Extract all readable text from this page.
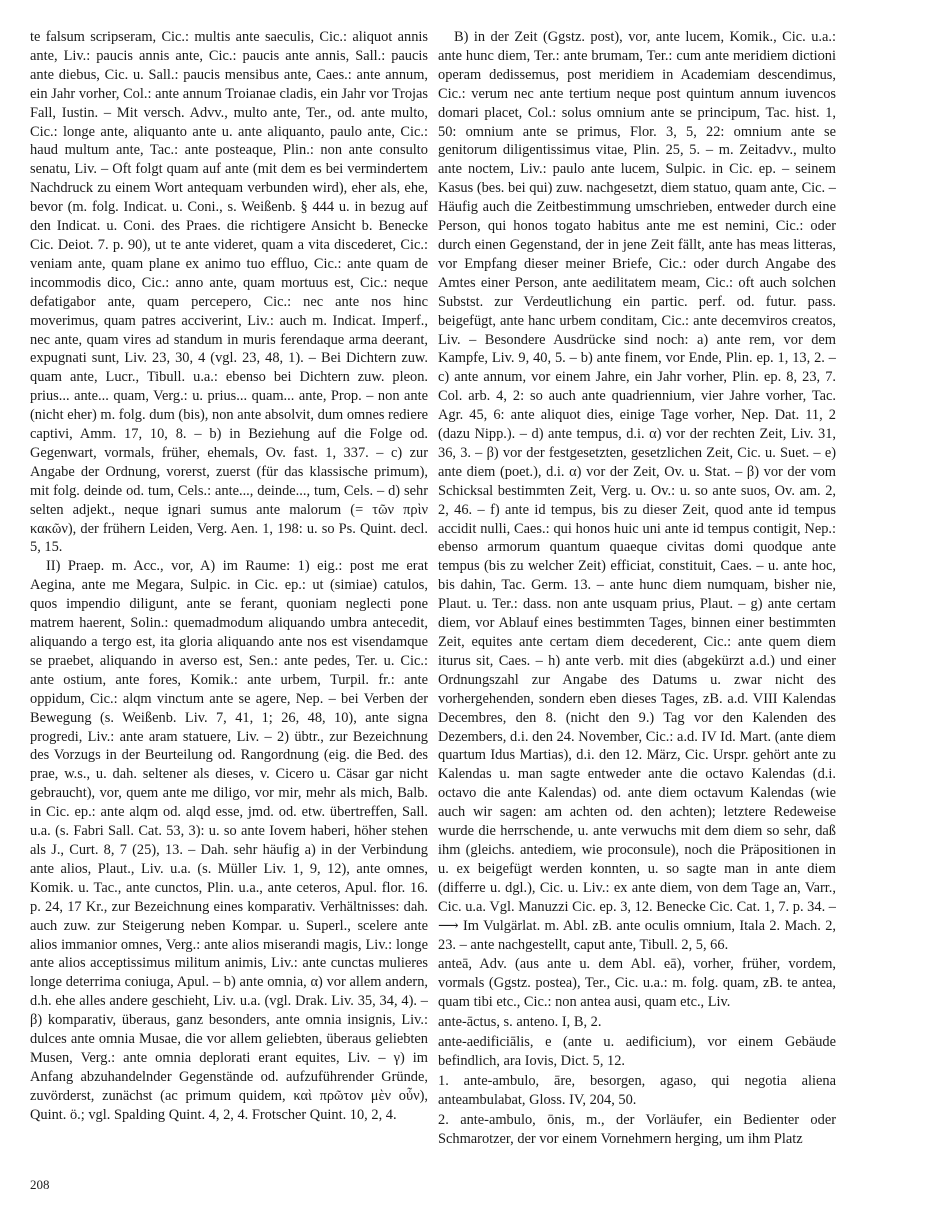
te falsum scripseram, Cic.: multis ante saeculis, Cic.: aliquot annis ante, Liv.: paucis annis ante, Cic.: paucis ante annis, Sall.: paucis ante diebus, Cic. u. Sall.: paucis mensibus ante, Caes.: ante annum, ein Jahr vorher, Col.: ante annum Troianae cladis, ein Jahr vor Trojas Fall, Iustin. – Mit versch. Advv., multo ante, Ter., od. ante multo, Cic.: longe ante, aliquanto ante u. ante aliquanto, paulo ante, Cic.: haud multum ante, Tac.: ante posteaque, Plin.: non ante consulto senatu, Liv. – Oft folgt quam auf ante (mit dem es bei vermindertem Nachdruck zu einem Wort antequam verbunden wird), eher als, ehe, bevor (m. folg. Indicat. u. Coni., s. Weißenb. § 444 u. in bezug auf den Indicat. u. Coni. des Praes. die richtigere Ansicht b. Benecke Cic. Deiot. 7. p. 90), ut te ante videret, quam a vita discederet, Cic.: veniam ante, quam plane ex animo tuo effluo, Cic.: ante quam de incommodis dico, Cic.: anno ante, quam mortuus est, Cic.: neque defatigabor ante, quam percepero, Cic.: nec ante nos hinc moverimus, quam patres acciverint, Liv.: auch m. Indicat. Imperf., nec ante, quam vires ad standum in muris ferendaque arma deerant, expugnati sunt, Liv. 23, 30, 4 (vgl. 23, 48, 1). – Bei Dichtern zuw. quam ante, Lucr., Tibull. u.a.: ebenso bei Dichtern zuw. pleon. prius... ante... quam, Verg.: u. prius... quam... ante, Prop. – non ante (nicht eher) m. folg. dum (bis), non ante absolvit, dum omnes rediere captivi, Amm. 17, 10, 8. – b) in Beziehung auf die Folge od. Gegenwart, vormals, früher, ehemals, Ov. fast. 1, 337. – c) zur Angabe der Ordnung, vorerst, zuerst (für das klassische primum), mit folg. deinde od. tum, Cels.: ante..., deinde..., tum, Cels. – d) sehr selten adjekt., neque ignari sumus ante malorum (= τῶν πρὶν κακῶν), der frühern Leiden, Verg. Aen. 1, 198: u. so Ps. Quint. decl. 5, 15.

II) Praep. m. Acc., vor, A) im Raume: 1) eig.: post me erat Aegina, ante me Megara, Sulpic. in Cic. ep.: ut (simiae) catulos, quos impendio diligunt, ante se ferant, quoniam neglecti pone matrem haerent, Solin.: quemadmodum aliquando umbra antecedit, aliquando a tergo est, ita gloria aliquando ante nos est visendamque se praebet, aliquando in averso est, Sen.: ante pedes, Ter. u. Cic.: ante ostium, ante fores, Komik.: ante urbem, Turpil. fr.: ante oppidum, Cic.: alqm vinctum ante se agere, Nep. – bei Verben der Bewegung (s. Weißenb. Liv. 7, 41, 1; 26, 48, 10), ante signa progredi, Liv.: ante aram statuere, Liv. – 2) übtr., zur Bezeichnung des Vorzugs in der Beurteilung od. Rangordnung (eig. die Bed. des prae, w.s., u. dah. seltener als dieses, v. Cicero u. Cäsar gar nicht gebraucht), vor, quem ante me diligo, vor mir, mehr als mich, Balb. in Cic. ep.: ante alqm od. alqd esse, jmd. od. etw. übertreffen, Sall. u.a. (s. Fabri Sall. Cat. 53, 3): u. so ante Iovem haberi, höher stehen als J., Curt. 8, 7 (25), 13. – Dah. sehr häufig a) in der Verbindung ante alios, Plaut., Liv. u.a. (s. Müller Liv. 1, 9, 12), ante omnes, Komik. u. Tac., ante cunctos, Plin. u.a., ante ceteros, Apul. flor. 16. p. 24, 17 Kr., zur Bezeichnung eines komparativ. Verhältnisses: dah. auch zuw. zur Steigerung neben Kompar. u. Superl., scelere ante alios immanior omnes, Verg.: ante alios miserandi magis, Liv.: longe ante alios acceptissimus militum animis, Liv.: ante cunctas mulieres longe deterrima coniuga, Apul. – b) ante omnia, α) vor allem andern, d.h. ehe alles andere geschieht, Liv. u.a. (vgl. Drak. Liv. 35, 34, 4). – β) komparativ, überaus, ganz besonders, ante omnia insignis, Liv.: dulces ante omnia Musae, die vor allem geliebten, überaus geliebten Musen, Verg.: ante omnia deplorati erant equites, Liv. – γ) im Anfang abzuhandelnder Gegenstände od. aufzuführender Gründe, zuvörderst, zunächst (ac primum quidem, καὶ πρῶτον μὲν οὖν), Quint. ö.; vgl. Spalding Quint. 4, 2, 4. Frotscher Quint. 10, 2, 4.

B) in der Zeit (Ggstz. post), vor, ante lucem, Komik., Cic. u.a.: ante hunc diem, Ter.: ante brumam, Ter.: cum ante meridiem dictioni operam dedissemus, post meridiem in Academiam descendimus, Cic.: verum nec ante tertium neque post quintum annum iuvencos domari placet, Col.: solus omnium ante se principum, Tac. hist. 1, 50: omnium ante se primus, Flor. 3, 5, 22: omnium ante se genitorum diligentissimus vitae, Plin. 25, 5. – m. Zeitadvv., multo ante noctem, Liv.: paulo ante lucem, Sulpic. in Cic. ep. – seinem Kasus (bes. bei qui) zuw. nachgesetzt, diem statuo, quam ante, Cic. – Häufig auch die Zeitbestimmung umschrieben, entweder durch eine Person, qui honos togato habitus ante me est nemini, Cic.: oder durch einen Gegenstand, der in jene Zeit fällt, ante has meas litteras, vor Empfang dieser meiner Briefe, Cic.: oder durch Angabe des Amtes einer Person, ante aedilitatem meam, Cic.: oft auch solchen Substst. zur Verdeutlichung ein partic. perf. od. futur. pass. beigefügt, ante hanc urbem conditam, Cic.: ante decemviros creatos, Liv. – Besondere Ausdrücke sind noch: a) ante rem, vor dem Kampfe, Liv. 9, 40, 5. – b) ante finem, vor Ende, Plin. ep. 1, 13, 2. – c) ante annum, vor einem Jahre, ein Jahr vorher, Plin. ep. 8, 23, 7. Col. arb. 4, 2: so auch ante quadriennium, vier Jahre vorher, Tac. Agr. 45, 6: ante aliquot dies, einige Tage vorher, Nep. Dat. 11, 2 (dazu Nipp.). – d) ante tempus, d.i. α) vor der rechten Zeit, Liv. 31, 36, 3. – β) vor der festgesetzten, gesetzlichen Zeit, Cic. u. Suet. – e) ante diem (poet.), d.i. α) vor der Zeit, Ov. u. Stat. – β) vor der vom Schicksal bestimmten Zeit, Verg. u. Ov.: u. so ante suos, Ov. am. 2, 2, 46. – f) ante id tempus, bis zu dieser Zeit, quod ante id tempus accidit nulli, Caes.: qui honos huic uni ante id tempus contigit, Nep.: ebenso armorum quantum quaeque civitas domi quodque ante tempus (bis zu welcher Zeit) efficiat, constituit, Caes. – u. ante hoc, bis dahin, Tac. Germ. 13. – ante hunc diem numquam, bisher nie, Plaut. u. Ter.: dass. non ante usquam prius, Plaut. – g) ante certam diem, vor Ablauf eines bestimmten Tages, binnen einer bestimmten Zeit, equites ante certam diem decederent, Cic.: ante quem diem iturus sit, Caes. – h) ante verb. mit dies (abgekürzt a.d.) und einer Ordnungszahl zur Angabe des Datums u. zwar nicht des vorhergehenden, sondern eben dieses Tages, zB. a.d. VIII Kalendas Decembres, den 8. (nicht den 9.) Tag vor den Kalenden des Dezembers, d.i. den 24. November, Cic.: a.d. IV Id. Mart. (ante diem quartum Idus Martias), d.i. den 12. März, Cic. Urspr. gehört ante zu Kalendas u. man sagte entweder ante die octavo Kalendas (d.i. octavo die ante Kalendas) od. ante diem octavum Kalendas (wie auch wir sagen: am achten od. den achten); letztere Redeweise wurde die herrschende, u. ante verwuchs mit dem diem so sehr, daß ihm (gleichs. antediem, wie proconsule), noch die Präpositionen in u. ex beigefügt werden konnten, u. so sagte man in ante diem (differre u. dgl.), Cic. u. Liv.: ex ante diem, von dem Tage an, Varr., Cic. u.a. Vgl. Manuzzi Cic. ep. 3, 12. Benecke Cic. Cat. 1, 7. p. 34. – ⟶ Im Vulgärlat. m. Abl. zB. ante oculis omnium, Itala 2. Mach. 2, 23. – ante nachgestellt, caput ante, Tibull. 2, 5, 66.

anteā, Adv. (aus ante u. dem Abl. eā), vorher, früher, vordem, vormals (Ggstz. postea), Ter., Cic. u.a.: m. folg. quam, zB. te antea, quam tibi etc., Cic.: non antea ausi, quam etc., Liv.

ante-āctus, s. anteno. I, B, 2.

ante-aedificiālis, e (ante u. aedificium), vor einem Gebäude befindlich, ara Iovis, Dict. 5, 12.

1. ante-ambulo, āre, besorgen, agaso, qui negotia aliena anteambulabat, Gloss. IV, 204, 50.

2. ante-ambulo, ōnis, m., der Vorläufer, ein Bedienter oder Schmarotzer, der vor einem Vornehmern herging, um ihm Platz

208
